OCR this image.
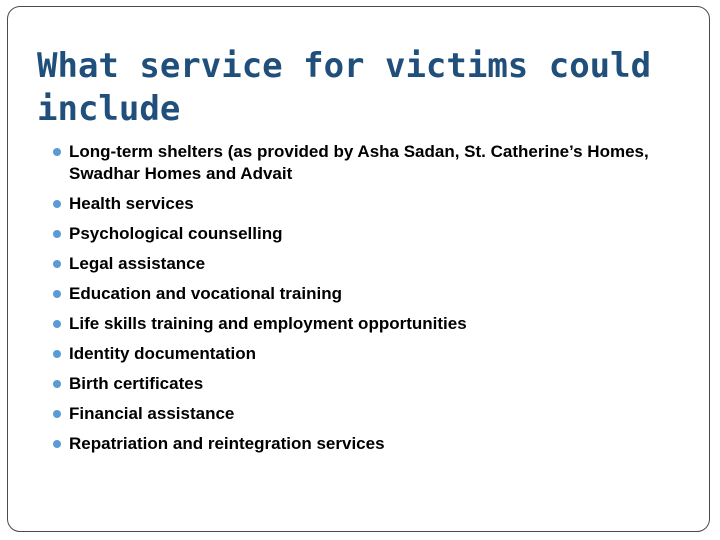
What service for victims could include
Long-term shelters (as provided by Asha Sadan, St. Catherine’s Homes, Swadhar Homes and Advait
Health services
Psychological counselling
Legal assistance
Education and vocational training
Life skills training and employment opportunities
Identity documentation
Birth certificates
Financial assistance
Repatriation and reintegration services
